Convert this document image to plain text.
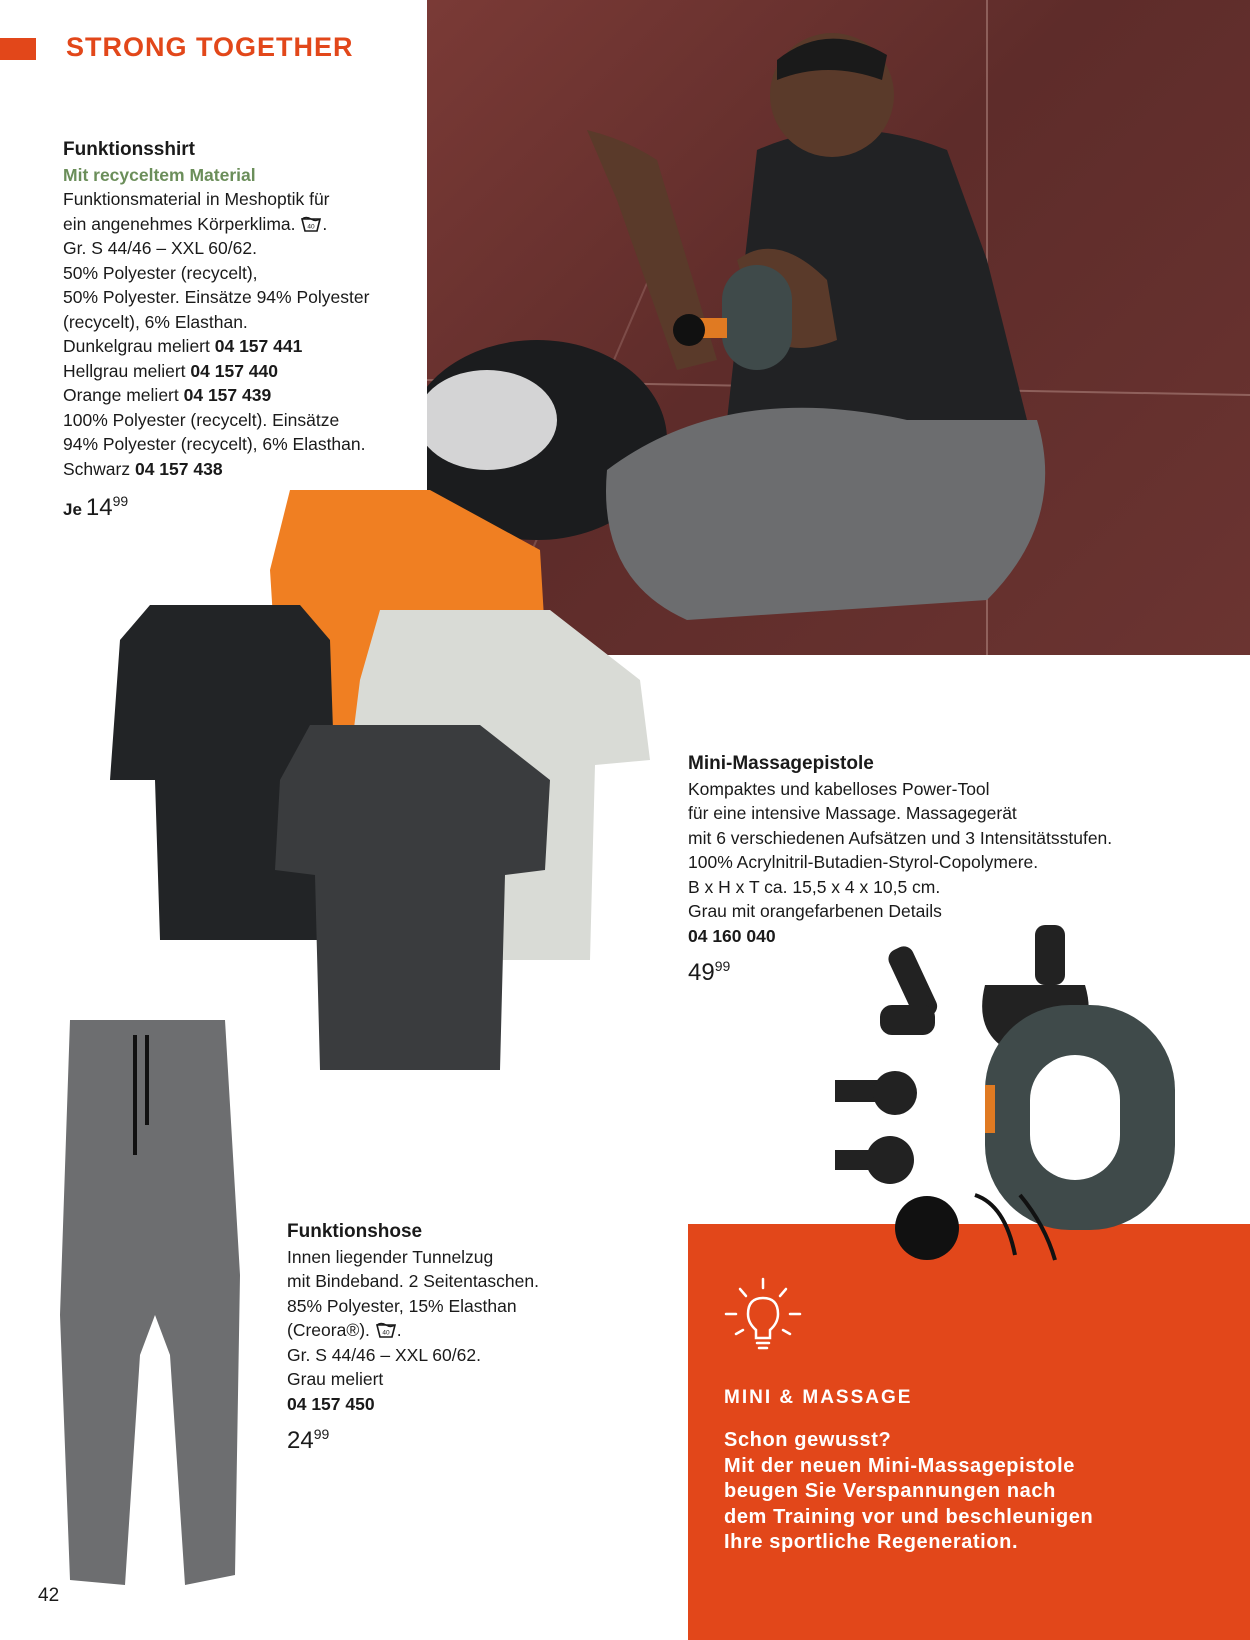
STRONG TOGETHER
Funktionsshirt
Mit recyceltem Material
Funktionsmaterial in Meshoptik für
ein angenehmes Körperklima. 40 .
Gr. S 44/46 – XXL 60/62.
50% Polyester (recycelt),
50% Polyester. Einsätze 94% Polyester
(recycelt), 6% Elasthan.
Dunkelgrau meliert 04 157 441
Hellgrau meliert 04 157 440
Orange meliert 04 157 439
100% Polyester (recycelt). Einsätze
94% Polyester (recycelt), 6% Elasthan.
Schwarz 04 157 438
Je $14^{99}$
Mini-Massagepistole
Kompaktes und kabelloses Power-Tool
für eine intensive Massage. Massagegerät
mit 6 verschiedenen Aufsätzen und 3 Intensitätsstufen.
100% Acrylnitril-Butadien-Styrol-Copolymere.
B x H x T ca. 15,5 x 4 x 10,5 cm.
Grau mit orangefarbenen Details
04 160 040
$49^{99}$
MINI & MASSAGE
Schon gewusst?
Mit der neuen Mini-Massagepistole
beugen Sie Verspannungen nach
dem Training vor und beschleunigen
Ihre sportliche Regeneration.
Funktionshose
Innen liegender Tunnelzug
mit Bindeband. 2 Seitentaschen.
85% Polyester, 15% Elasthan
(Creora®). 40 .
Gr. S 44/46 – XXL 60/62.
Grau meliert
04 157 450
$24^{99}$
42
